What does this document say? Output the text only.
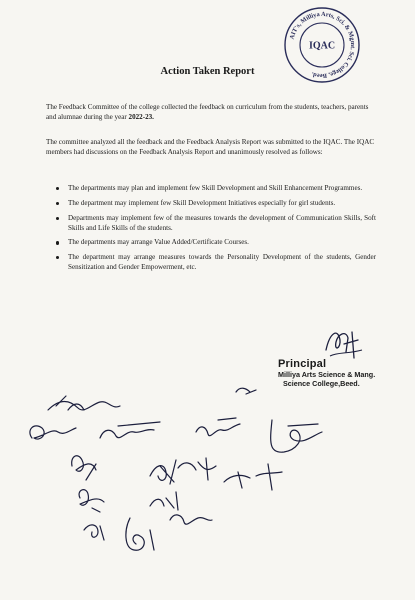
AIT's, Milliya Arts, Sci. & Mgmt. Sci. College, Beed.
IQAC
Action Taken Report
The Feedback Committee of the college collected the feedback on curriculum from the students, teachers, parents and alumnae during the year 2022-23.
The committee analyzed all the feedback and the Feedback Analysis Report was submitted to the IQAC. The IQAC members had discussions on the Feedback Analysis Report and unanimously resolved as follows:
The departments may plan and implement few Skill Development and Skill Enhancement Programmes.
The department may implement few Skill Development Initiatives especially for girl students.
Departments may implement few of the measures towards the development of Communication Skills, Soft Skills and Life Skills of the students.
The departments may arrange Value Added/Certificate Courses.
The department may arrange measures towards the Personality Development of the students, Gender Sensitization and Gender Empowerment, etc.
Principal
Milliya Arts Science & Mang.
Science College,Beed.
